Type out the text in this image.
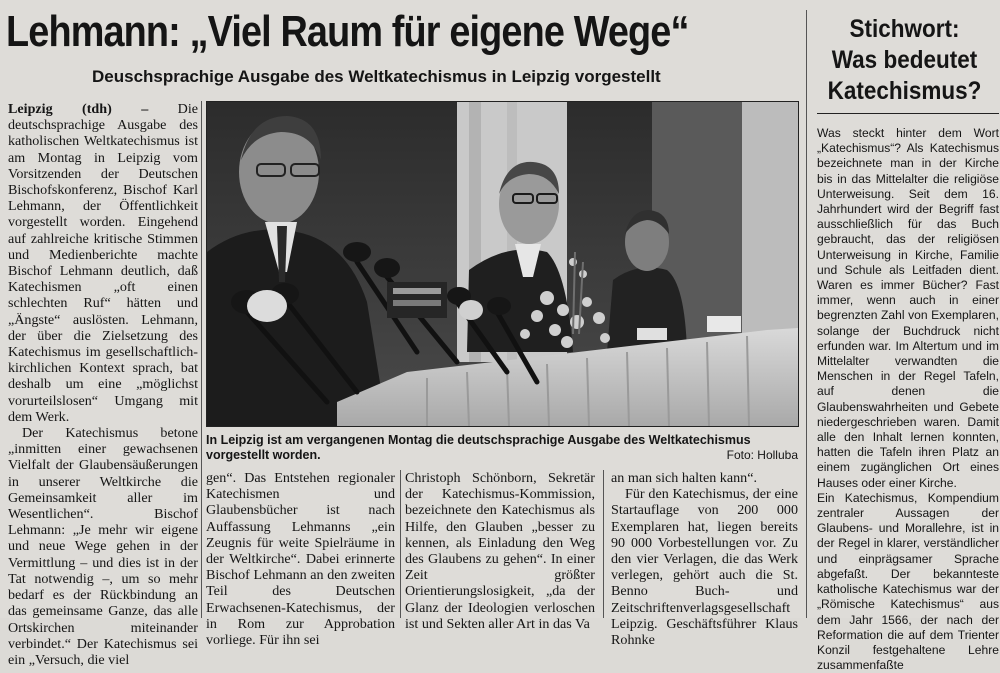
Lehmann: „Viel Raum für eigene Wege“
Deuschsprachige Ausgabe des Weltkatechismus in Leipzig vorgestellt

Leipzig (tdh) – Die deutschsprachige Ausgabe des katholischen Weltkatechismus ist am Montag in Leipzig vom Vorsitzenden der Deutschen Bischofskonferenz, Bischof Karl Lehmann, der Öffentlichkeit vorgestellt worden. Eingehend auf zahlreiche kritische Stimmen und Medienberichte machte Bischof Lehmann deutlich, daß Katechismen „oft einen schlechten Ruf“ hätten und „Ängste“ auslösten. Lehmann, der über die Zielsetzung des Katechismus im gesellschaftlich-kirchlichen Kontext sprach, bat deshalb um eine „möglichst vorurteilslosen“ Umgang mit dem Werk.

Der Katechismus betone „inmitten einer gewachsenen Vielfalt der Glaubensäußerungen in unserer Weltkirche die Gemeinsamkeit aller im Wesentlichen“. Bischof Lehmann: „Je mehr wir eigene und neue Wege gehen in der Vermittlung – und dies ist in der Tat notwendig –, um so mehr bedarf es der Rückbindung an das gemeinsame Ganze, das alle Ortskirchen miteinander verbindet.“ Der Katechismus sei ein „Versuch, die viel

In Leipzig ist am vergangenen Montag die deutschsprachige Ausgabe des Weltkatechismus vorgestellt worden.	Foto: Holluba

gen“. Das Entstehen regionaler Katechismen und Glaubensbücher ist nach Auffassung Lehmanns „ein Zeugnis für weite Spielräume in der Weltkirche“. Dabei erinnerte Bischof Lehmann an den zweiten Teil des Deutschen Erwachsenen-Katechismus, der in Rom zur Approbation vorliege. Für ihn sei

Christoph Schönborn, Sekretär der Katechismus-Kommission, bezeichnete den Katechismus als Hilfe, den Glauben „besser zu kennen, als Einladung den Weg des Glaubens zu gehen“. In einer Zeit größter Orientierungslosigkeit, „da der Glanz der Ideologien verloschen ist und Sekten aller Art in das Va

an man sich halten kann“.

Für den Katechismus, der eine Startauflage von 200 000 Exemplaren hat, liegen bereits 90 000 Vorbestellungen vor. Zu den vier Verlagen, die das Werk verlegen, gehört auch die St. Benno Buch- und Zeitschriftenverlagsgesellschaft Leipzig. Geschäftsführer Klaus Rohnke

Stichwort:
Was bedeutet
Katechismus?

Was steckt hinter dem Wort „Katechismus“? Als Katechismus bezeichnete man in der Kirche bis in das Mittelalter die religiöse Unterweisung. Seit dem 16. Jahrhundert wird der Begriff fast ausschließlich für das Buch gebraucht, das der religiösen Unterweisung in Kirche, Familie und Schule als Leitfaden dient. Waren es immer Bücher? Fast immer, wenn auch in einer begrenzten Zahl von Exemplaren, solange der Buchdruck nicht erfunden war. Im Altertum und im Mittelalter verwandten die Menschen in der Regel Tafeln, auf denen die Glaubenswahrheiten und Gebete niedergeschrieben waren. Damit alle den Inhalt lernen konnten, hatten die Tafeln ihren Platz an einem zugänglichen Ort eines Hauses oder einer Kirche.

Ein Katechismus, Kompendium zentraler Aussagen der Glaubens- und Morallehre, ist in der Regel in klarer, verständlicher und einprägsamer Sprache abgefaßt. Der bekannteste katholische Katechismus war der „Römische Katechismus“ aus dem Jahr 1566, der nach der Reformation die auf dem Trienter Konzil festgehaltene Lehre zusammenfaßte
